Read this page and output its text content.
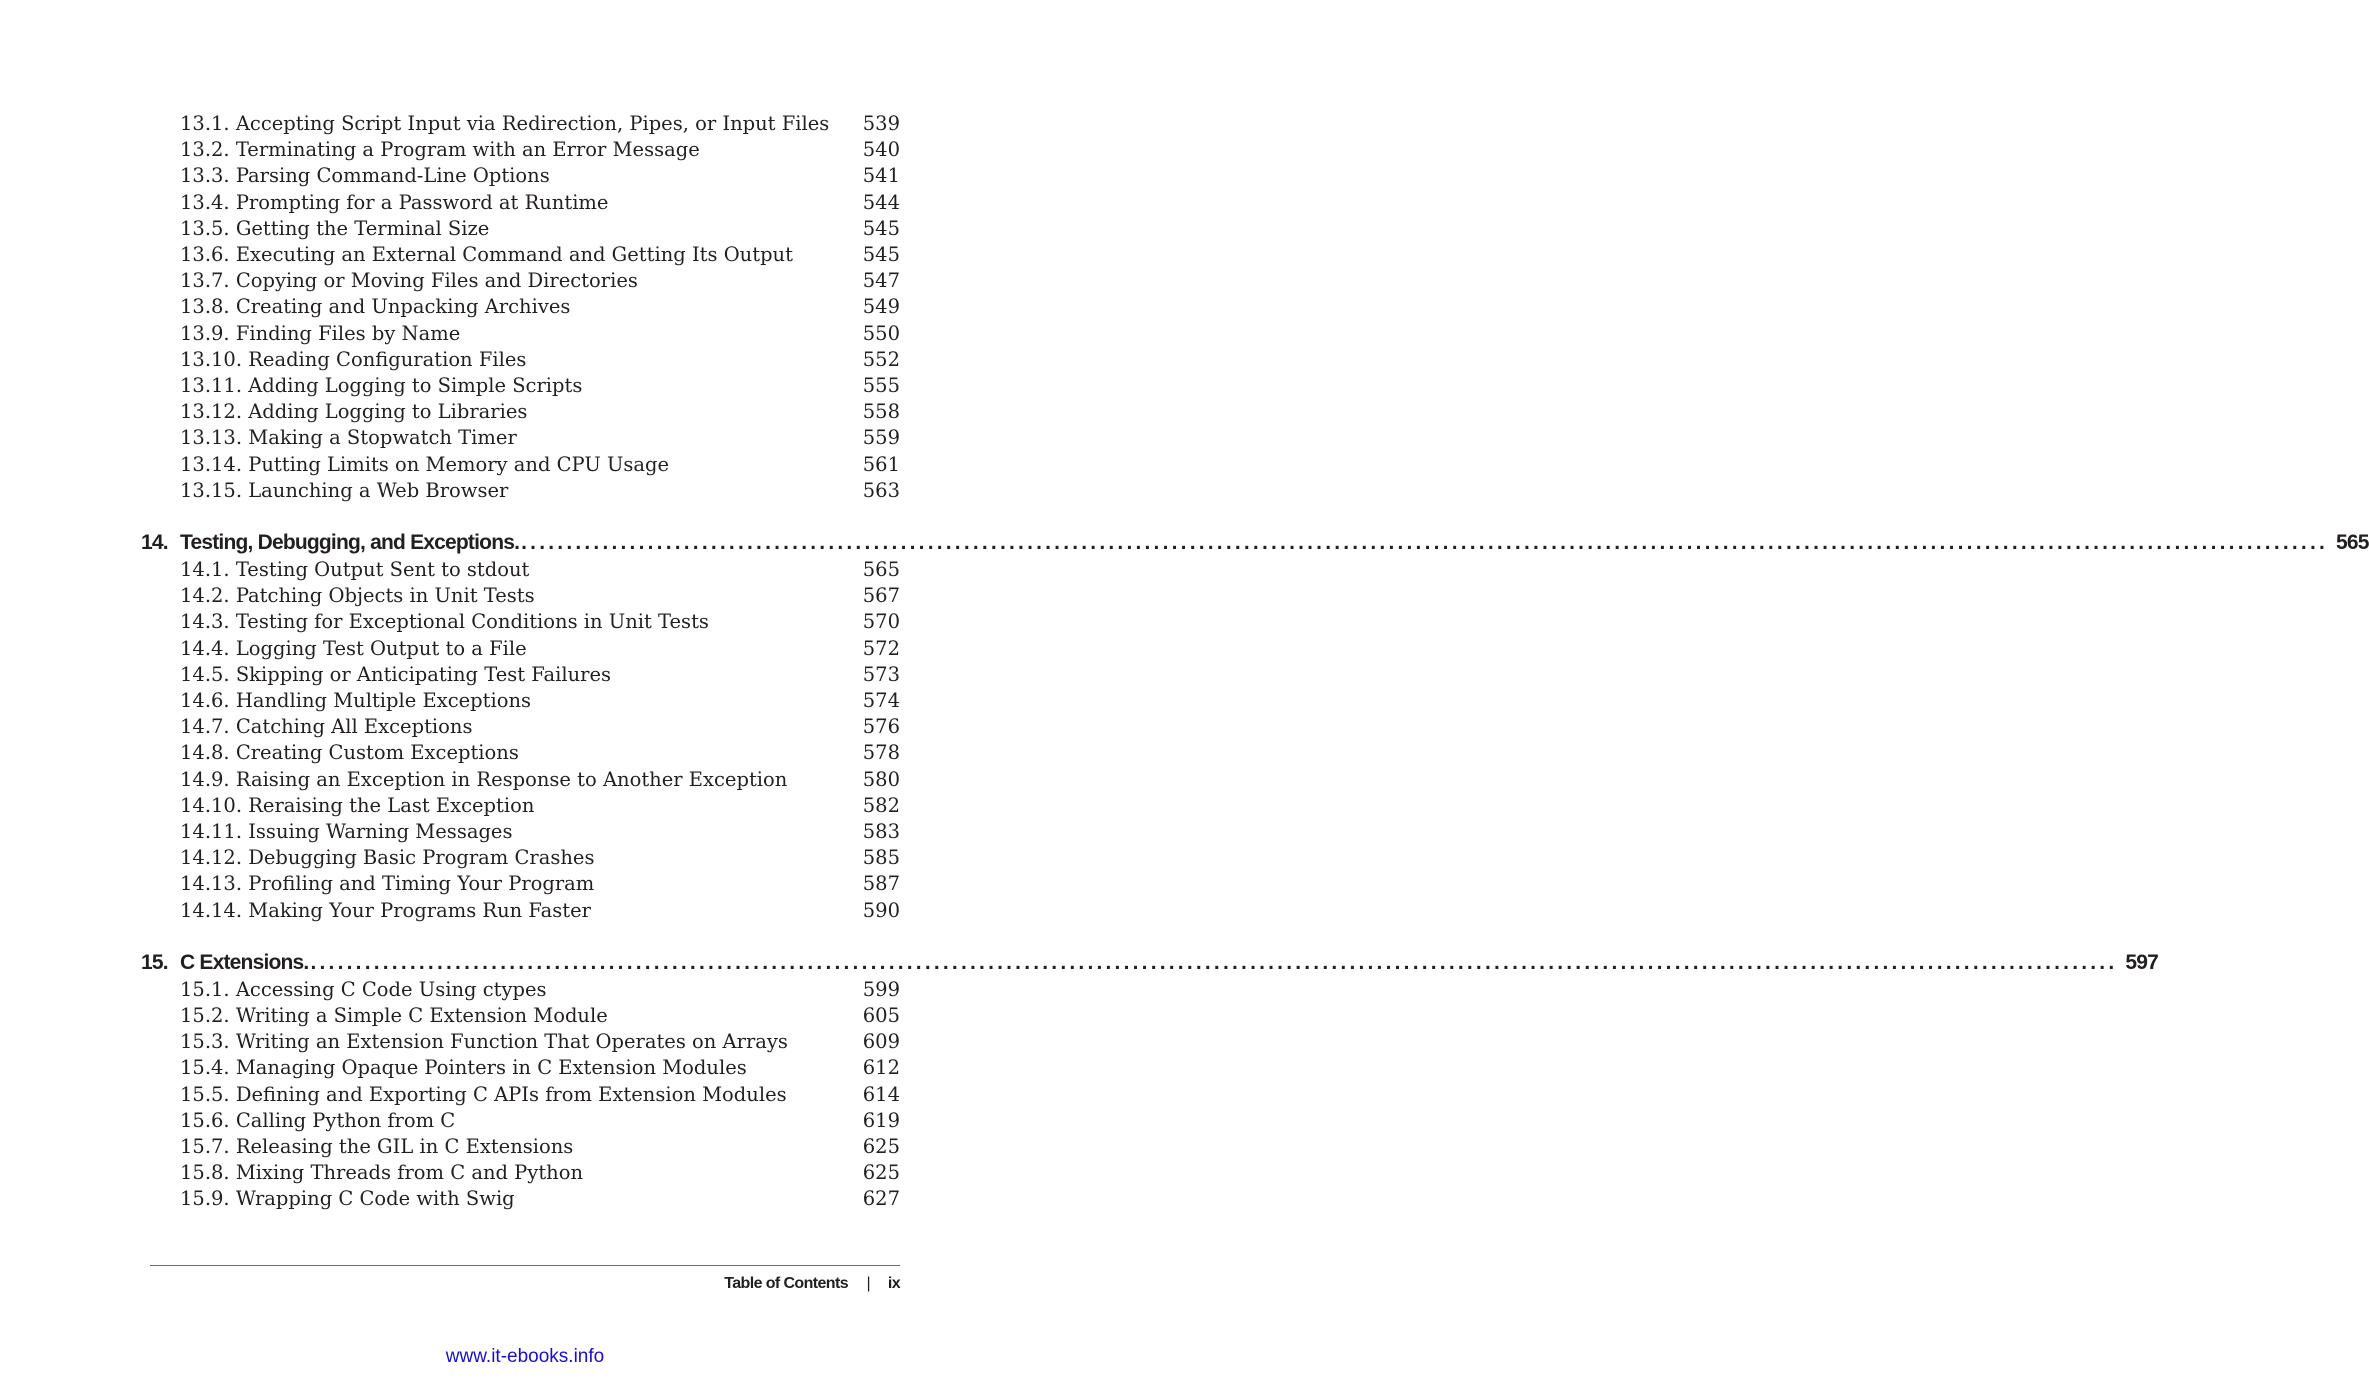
13.1. Accepting Script Input via Redirection, Pipes, or Input Files 539
13.2. Terminating a Program with an Error Message	540
13.3. Parsing Command-Line Options	541
13.4. Prompting for a Password at Runtime	544
13.5. Getting the Terminal Size	545
13.6. Executing an External Command and Getting Its Output	545
13.7. Copying or Moving Files and Directories	547
13.8. Creating and Unpacking Archives	549
13.9. Finding Files by Name	550
13.10. Reading Configuration Files	552
13.11. Adding Logging to Simple Scripts	555
13.12. Adding Logging to Libraries	558
13.13. Making a Stopwatch Timer	559
13.14. Putting Limits on Memory and CPU Usage	561
13.15. Launching a Web Browser	563
14. Testing, Debugging, and Exceptions. ........................................................................................................................................................................................................ 565
14.1. Testing Output Sent to stdout	565
14.2. Patching Objects in Unit Tests	567
14.3. Testing for Exceptional Conditions in Unit Tests	570
14.4. Logging Test Output to a File	572
14.5. Skipping or Anticipating Test Failures	573
14.6. Handling Multiple Exceptions	574
14.7. Catching All Exceptions	576
14.8. Creating Custom Exceptions	578
14.9. Raising an Exception in Response to Another Exception	580
14.10. Reraising the Last Exception	582
14.11. Issuing Warning Messages	583
14.12. Debugging Basic Program Crashes	585
14.13. Profiling and Timing Your Program	587
14.14. Making Your Programs Run Faster	590
15. C Extensions. ........................................................................................................................................................................................................ 597
15.1. Accessing C Code Using ctypes	599
15.2. Writing a Simple C Extension Module	605
15.3. Writing an Extension Function That Operates on Arrays	609
15.4. Managing Opaque Pointers in C Extension Modules	612
15.5. Defining and Exporting C APIs from Extension Modules	614
15.6. Calling Python from C	619
15.7. Releasing the GIL in C Extensions	625
15.8. Mixing Threads from C and Python	625
15.9. Wrapping C Code with Swig	627
Table of Contents | ix
www.it-ebooks.info
